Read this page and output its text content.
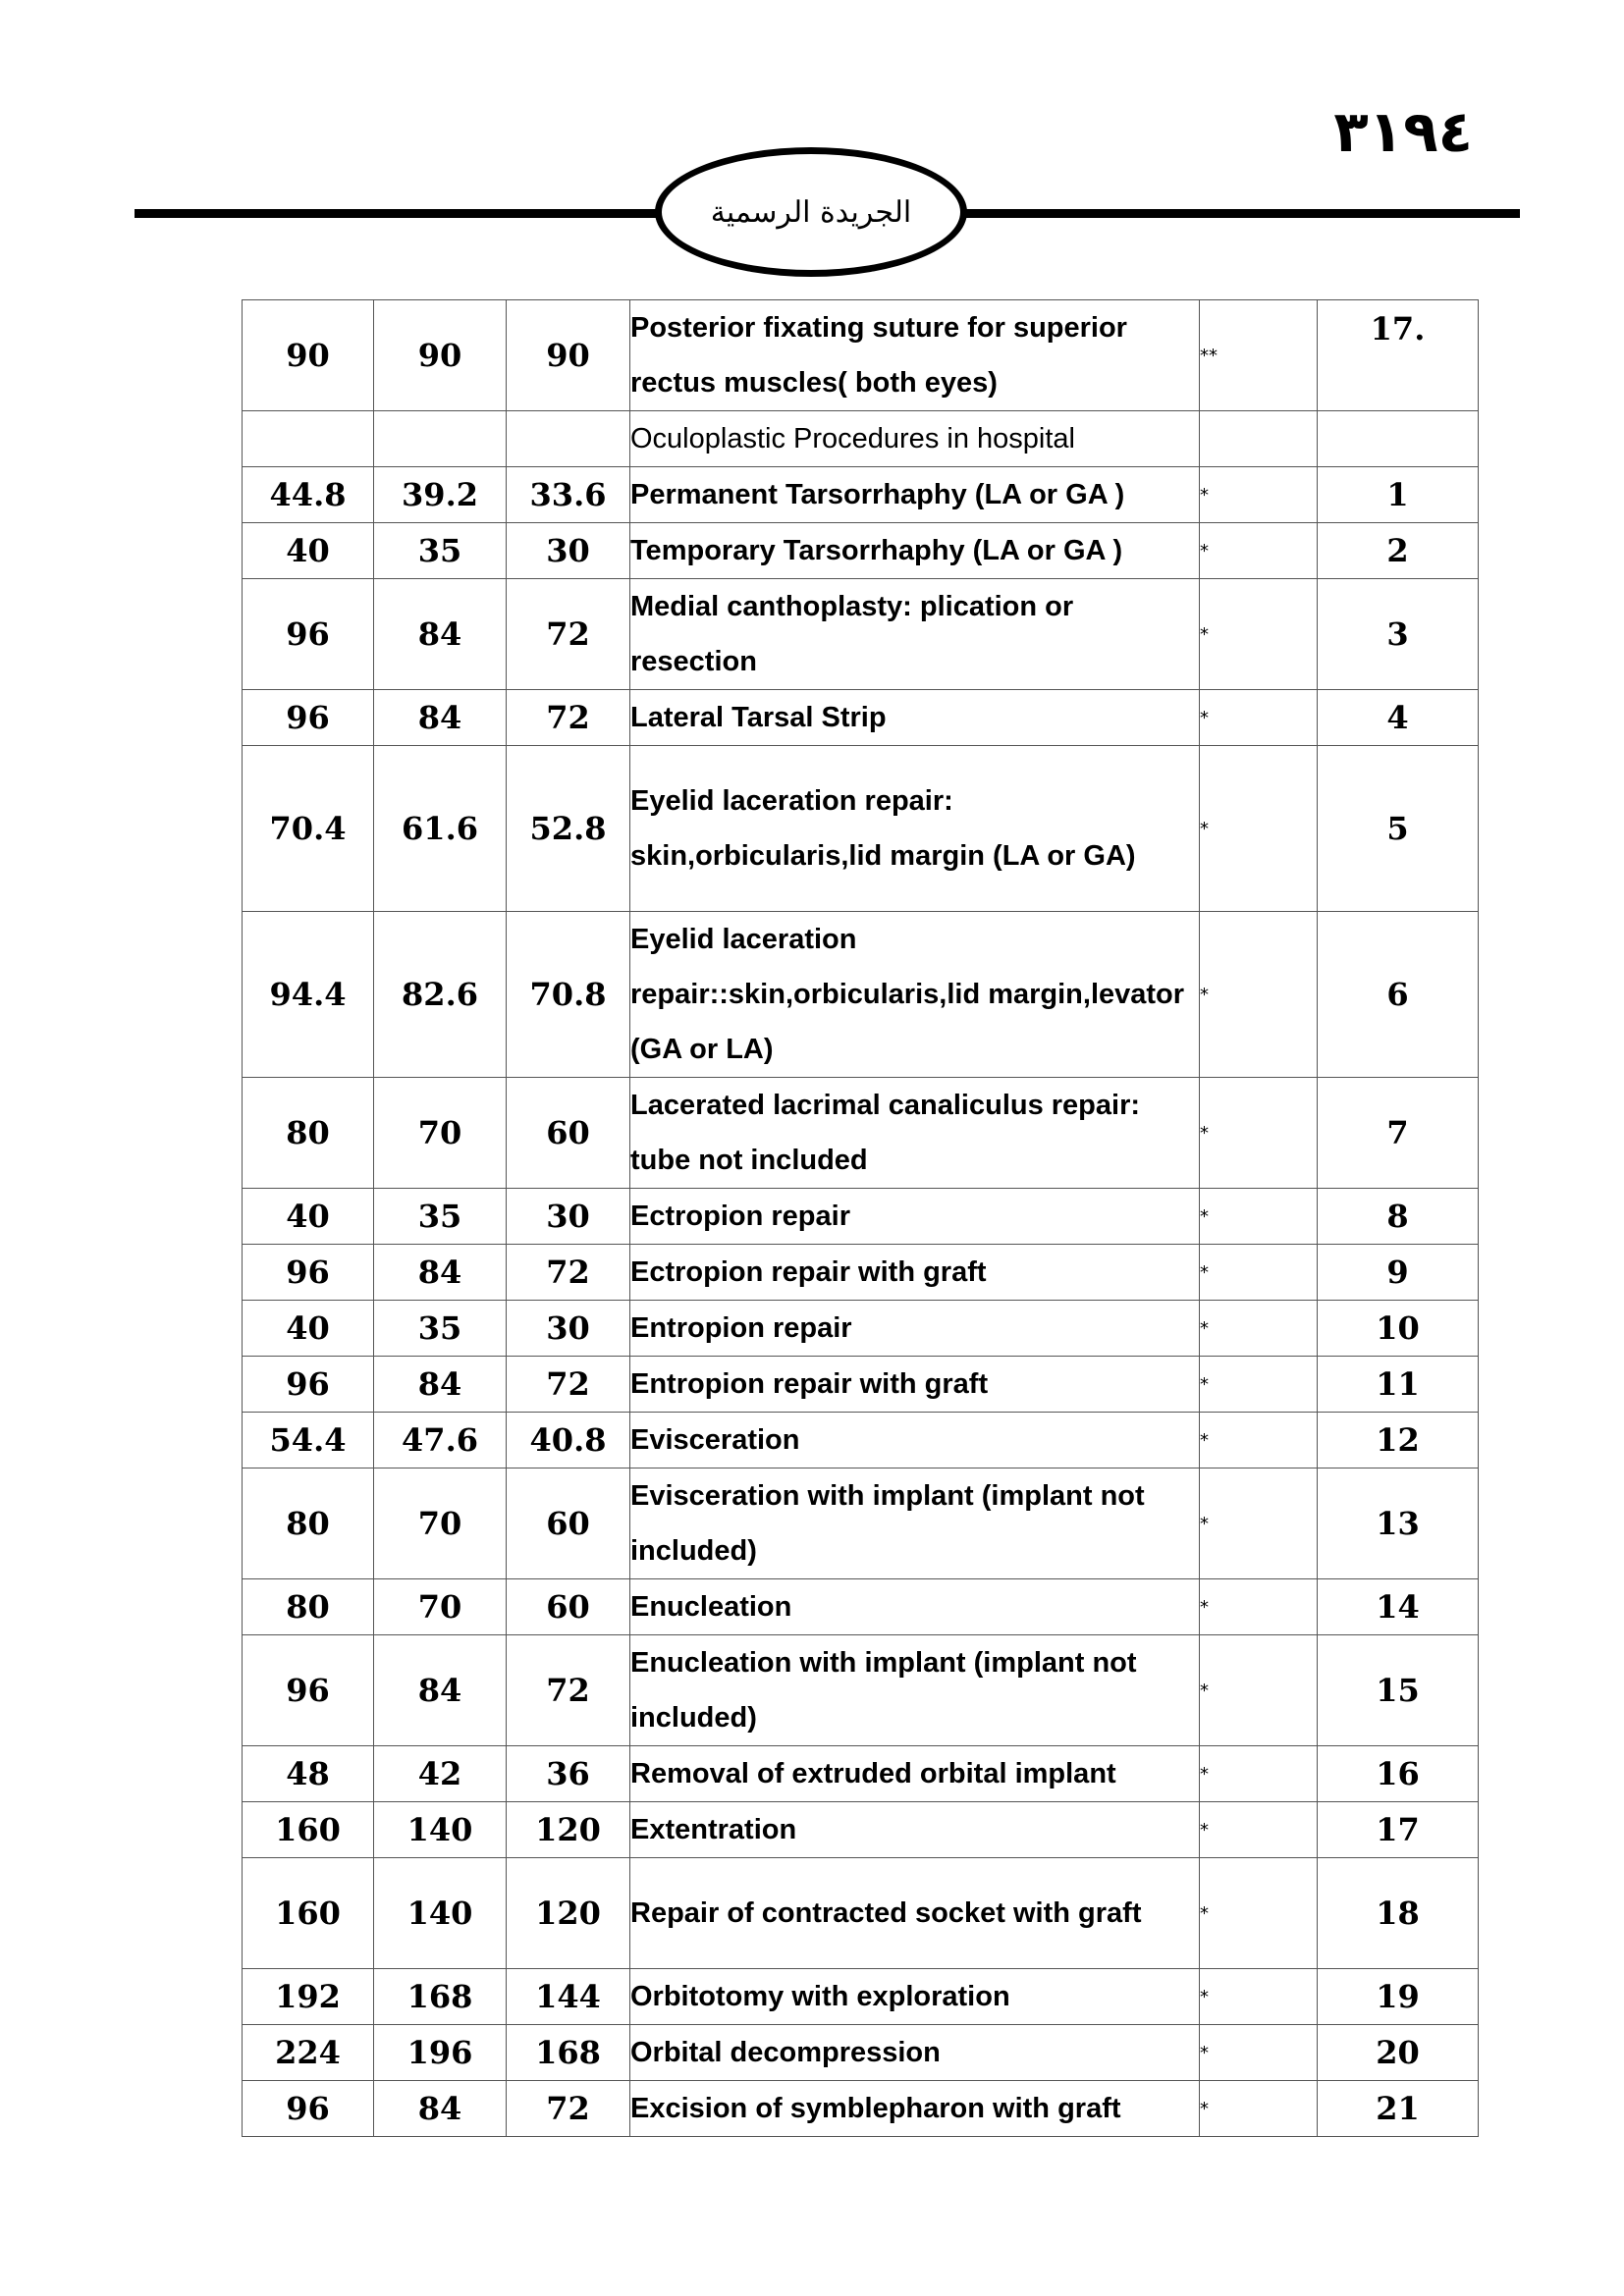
٣١٩٤
الجريدة الرسمية
90	90	90	Posterior fixating suture for superior rectus muscles( both eyes)	**	17.
			Oculoplastic Procedures in hospital		
44.8	39.2	33.6	Permanent Tarsorrhaphy (LA or GA )	*	1
40	35	30	Temporary Tarsorrhaphy (LA or GA )	*	2
96	84	72	Medial canthoplasty: plication or resection	*	3
96	84	72	Lateral Tarsal Strip	*	4
70.4	61.6	52.8	Eyelid laceration repair: skin,orbicularis,lid margin (LA or GA)	*	5
94.4	82.6	70.8	Eyelid laceration repair::skin,orbicularis,lid margin,levator (GA or LA)	*	6
80	70	60	Lacerated lacrimal canaliculus repair: tube not included	*	7
40	35	30	Ectropion repair	*	8
96	84	72	Ectropion repair with graft	*	9
40	35	30	Entropion repair	*	10
96	84	72	Entropion repair with graft	*	11
54.4	47.6	40.8	Evisceration	*	12
80	70	60	Evisceration with implant (implant not included)	*	13
80	70	60	Enucleation	*	14
96	84	72	Enucleation with implant (implant not included)	*	15
48	42	36	Removal of extruded orbital implant	*	16
160	140	120	Extentration	*	17
160	140	120	Repair of contracted socket with graft	*	18
192	168	144	Orbitotomy with exploration	*	19
224	196	168	Orbital decompression	*	20
96	84	72	Excision of symblepharon with graft	*	21
